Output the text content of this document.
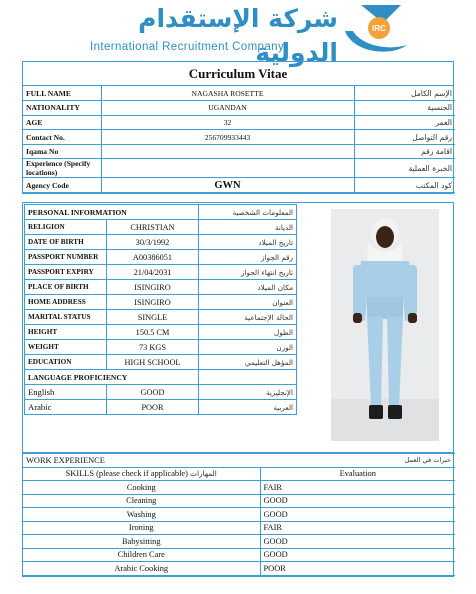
شركة الإستقدام الدولية
International Recruitment Company
IRC
Curriculum Vitae
FULL NAME	NAGASHA ROSETTE	الإسم الكامل
NATIONALITY	UGANDAN	الجنسية
AGE	32	العمر
Contact No.	256709933443	رقم التواصل
Iqama No		اقامة رقم
Experience (Specify locations)		الخبرة العملية
Agency Code	GWN	كود المكتب
PERSONAL INFORMATION		المعلومات الشخصية
RELIGION	CHRISTIAN	الديانة
DATE OF BIRTH	30/3/1992	تاريخ الميلاد
PASSPORT NUMBER	A00386051	رقم الجواز
PASSPORT EXPIRY	21/04/2031	تاريخ انتهاء الجواز
PLACE OF BIRTH	ISINGIRO	مكان الميلاد
HOME ADDRESS	ISINGIRO	العنوان
MARITAL STATUS	SINGLE	الحالة الإجتماعية
HEIGHT	150.5 CM	الطول
WEIGHT	73 KGS	الوزن
EDUCATION	HIGH SCHOOL	المؤهل التعليمي
LANGUAGE PROFICIENCY		
English	GOOD	الإنجليزية
Arabic	POOR	العربية
WORK EXPERIENCE خبرات في العمل	

SKILLS (please check if applicable) المهارات	Evaluation
Cooking	FAIR
Cleaning	GOOD
Washing	GOOD
Ironing	FAIR
Babysitting	GOOD
Children Care	GOOD
Arabic Cooking	POOR
